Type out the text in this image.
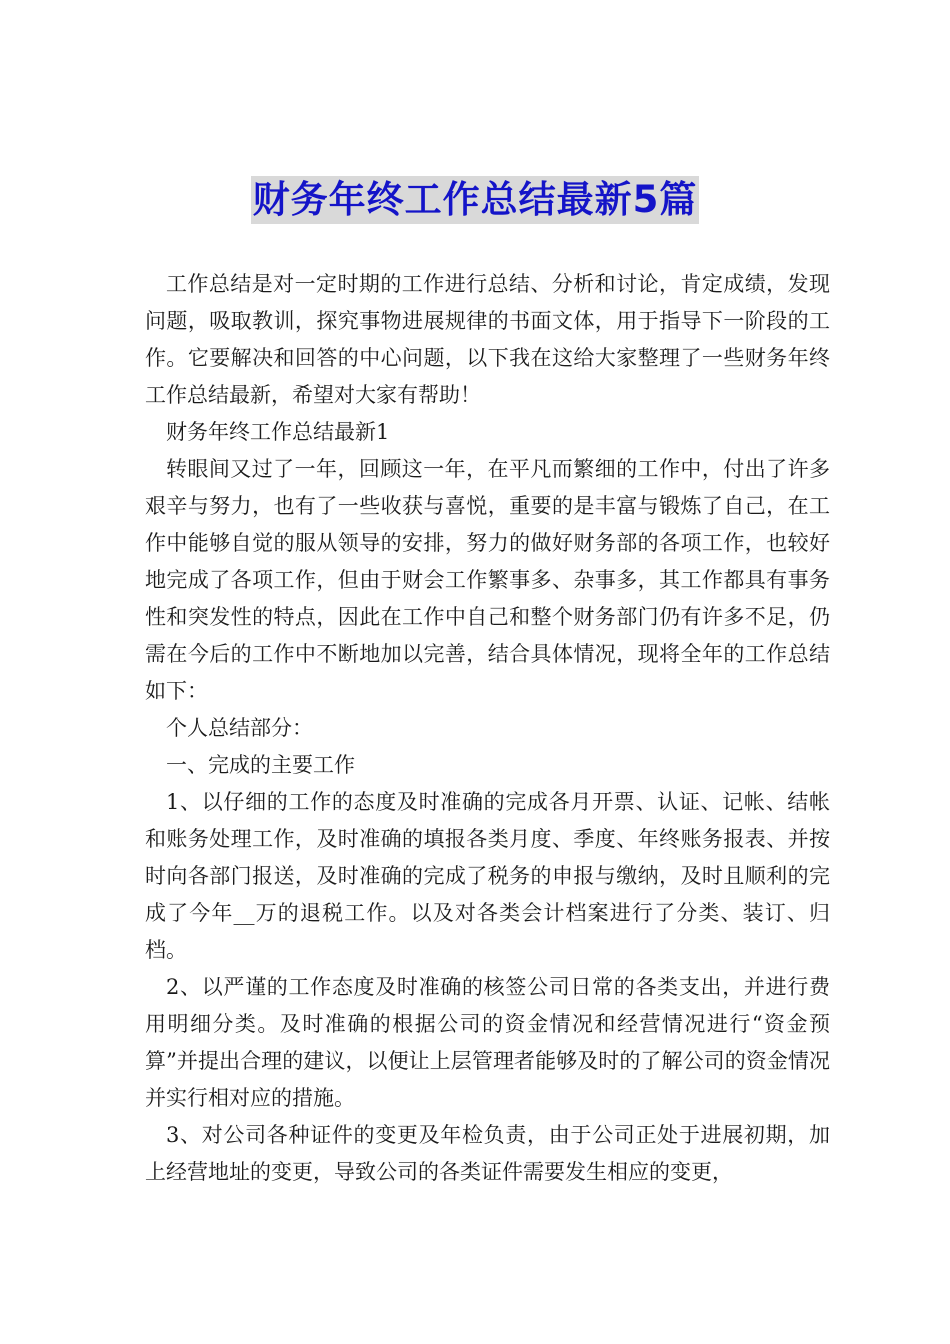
财务年终工作总结最新5篇

工作总结是对一定时期的工作进行总结、分析和讨论，肯定成绩，发现问题，吸取教训，探究事物进展规律的书面文体，用于指导下一阶段的工作。它要解决和回答的中心问题，以下我在这给大家整理了一些财务年终工作总结最新，希望对大家有帮助！

财务年终工作总结最新1

转眼间又过了一年，回顾这一年，在平凡而繁细的工作中，付出了许多艰辛与努力，也有了一些收获与喜悦，重要的是丰富与锻炼了自己，在工作中能够自觉的服从领导的安排，努力的做好财务部的各项工作，也较好地完成了各项工作，但由于财会工作繁事多、杂事多，其工作都具有事务性和突发性的特点，因此在工作中自己和整个财务部门仍有许多不足，仍需在今后的工作中不断地加以完善，结合具体情况，现将全年的工作总结如下：

个人总结部分：

一、完成的主要工作

1、以仔细的工作的态度及时准确的完成各月开票、认证、记帐、结帐和账务处理工作，及时准确的填报各类月度、季度、年终账务报表、并按时向各部门报送，及时准确的完成了税务的申报与缴纳，及时且顺利的完成了今年__万的退税工作。以及对各类会计档案进行了分类、装订、归档。

2、以严谨的工作态度及时准确的核签公司日常的各类支出，并进行费用明细分类。及时准确的根据公司的资金情况和经营情况进行“资金预算”并提出合理的建议，以便让上层管理者能够及时的了解公司的资金情况并实行相对应的措施。

3、对公司各种证件的变更及年检负责，由于公司正处于进展初期，加上经营地址的变更，导致公司的各类证件需要发生相应的变更，
